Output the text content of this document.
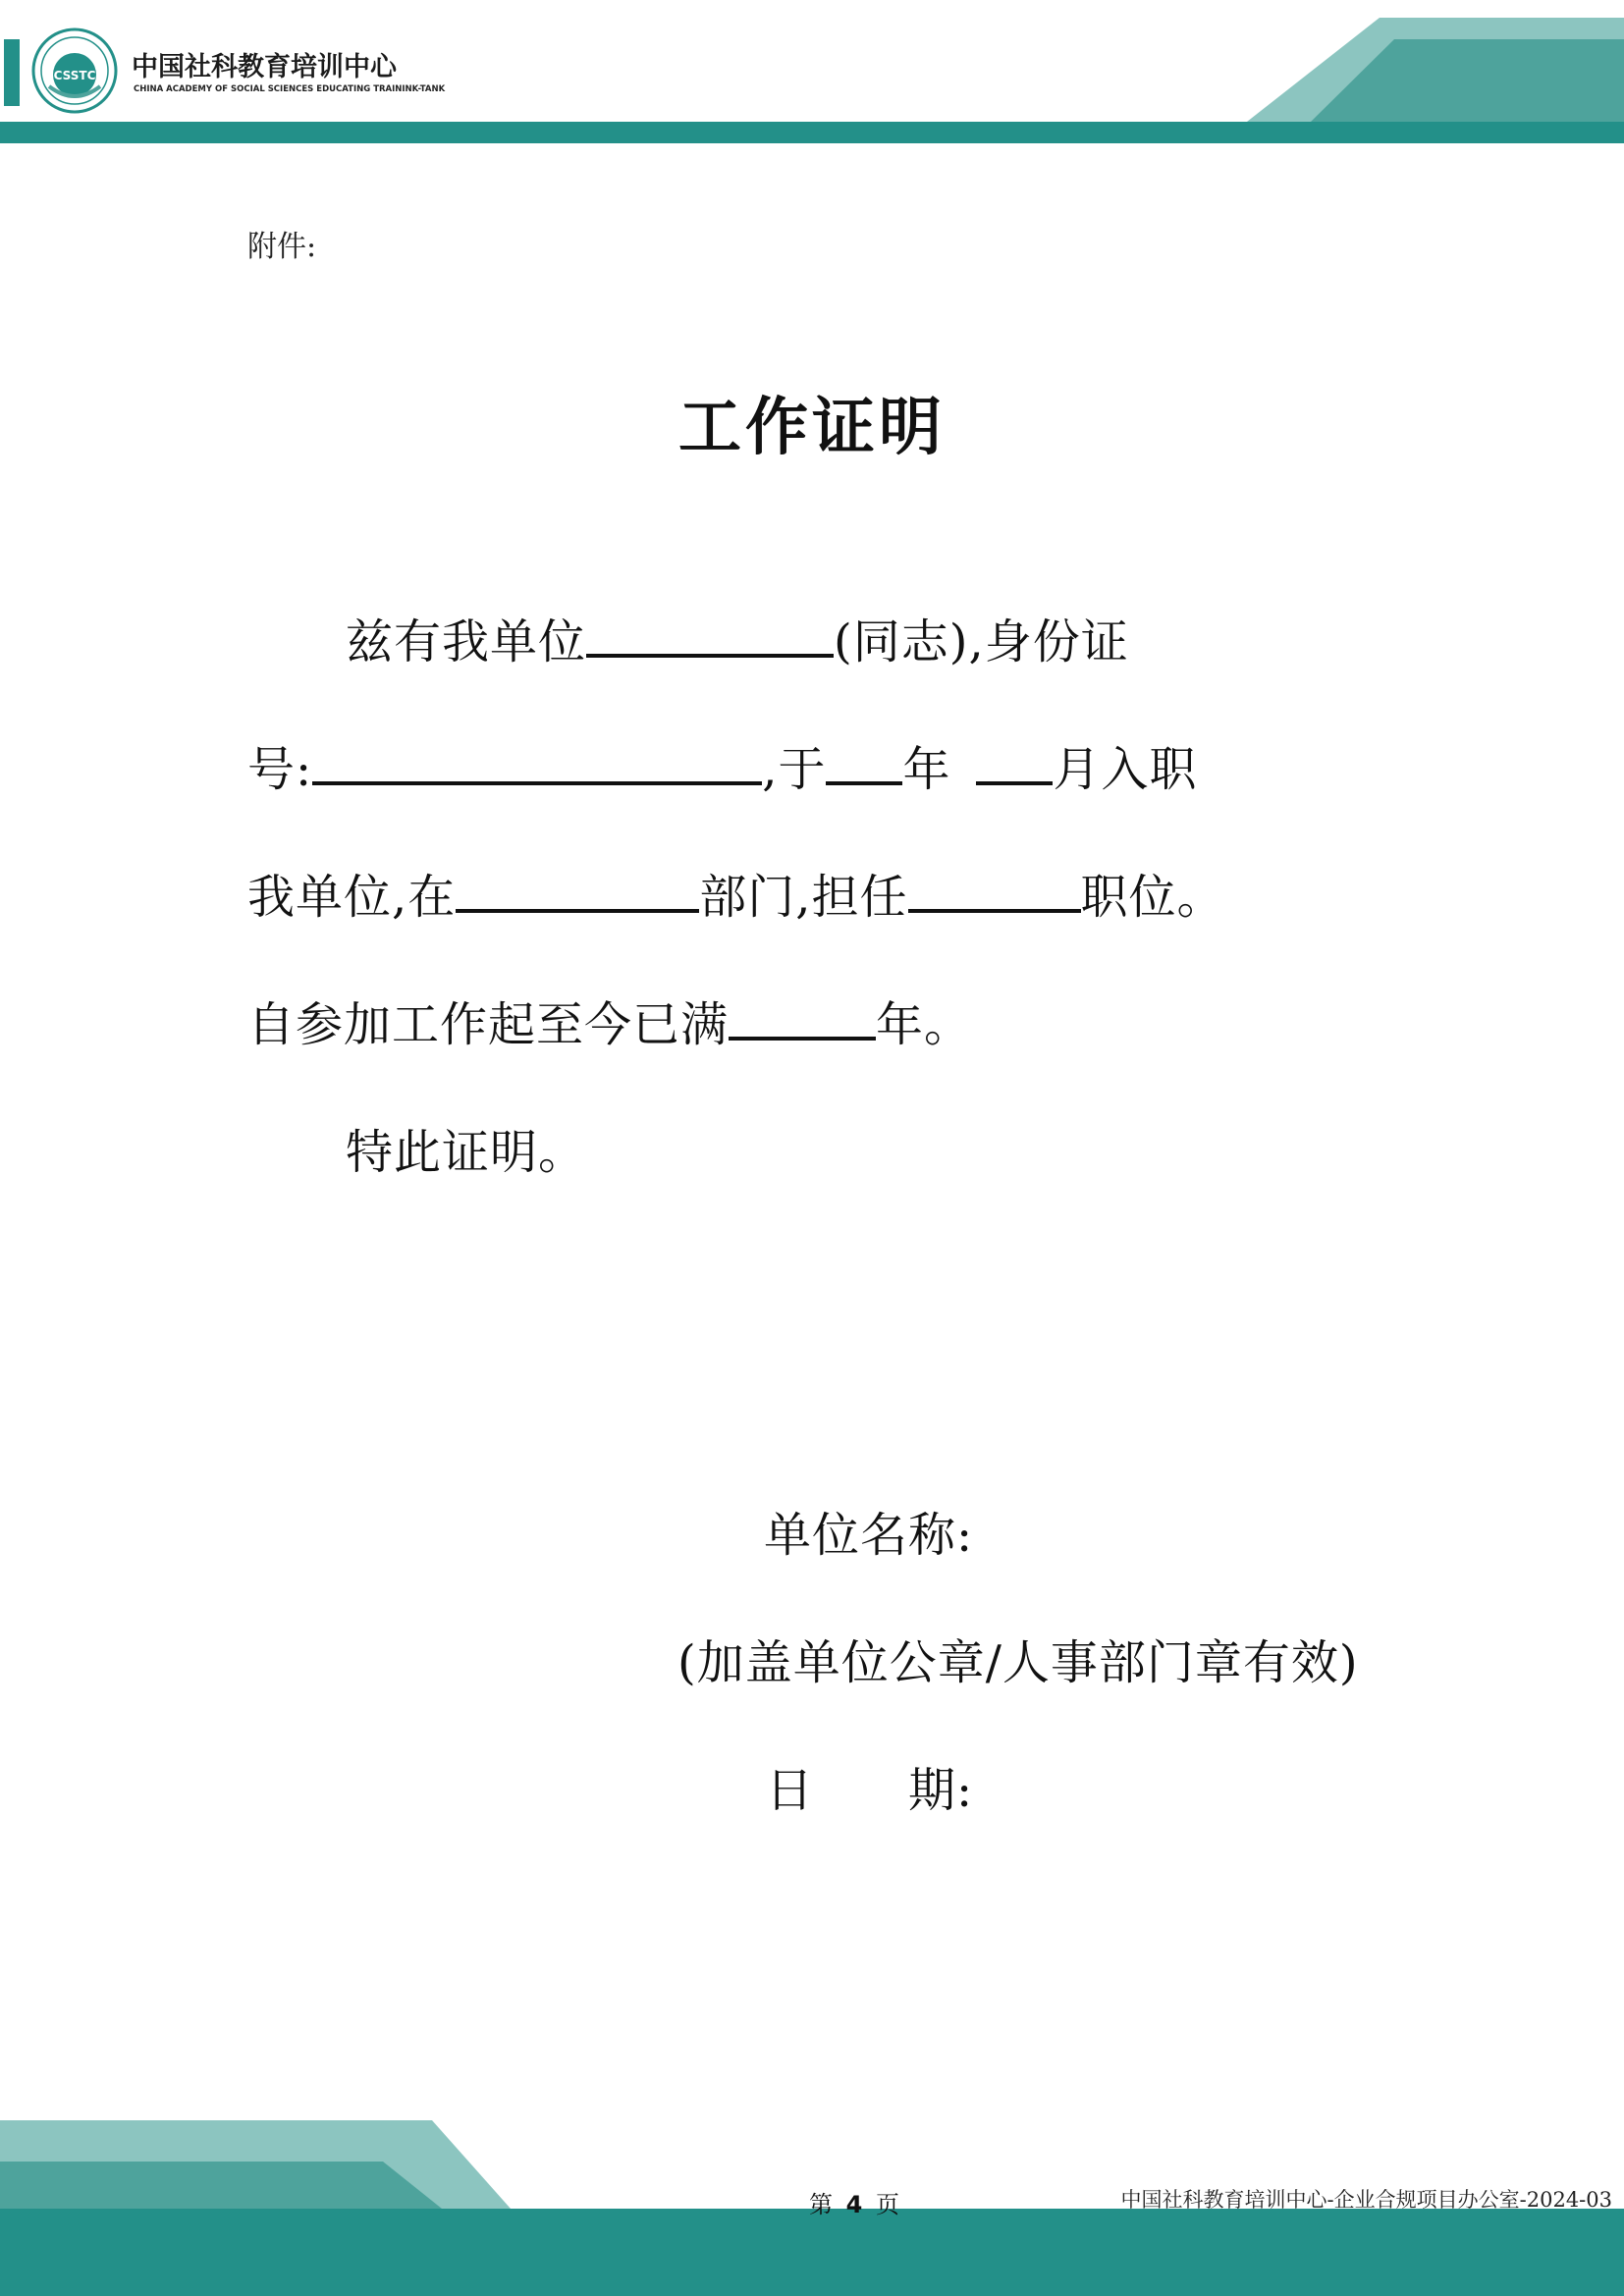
CSSTC 中国社科教育培训中心
CHINA ACADEMY OF SOCIAL SCIENCES EDUCATING TRAININK-TANK
附件:
工作证明
兹有我单位	(同志),身份证
号:	,于 年 月入职
我单位,在	部门,担任	职位。
自参加工作起至今已满	年。
特此证明。
单位名称:
(加盖单位公章/人事部门章有效)
日 期:
第 4 页	中国社科教育培训中心-企业合规项目办公室-2024-03
